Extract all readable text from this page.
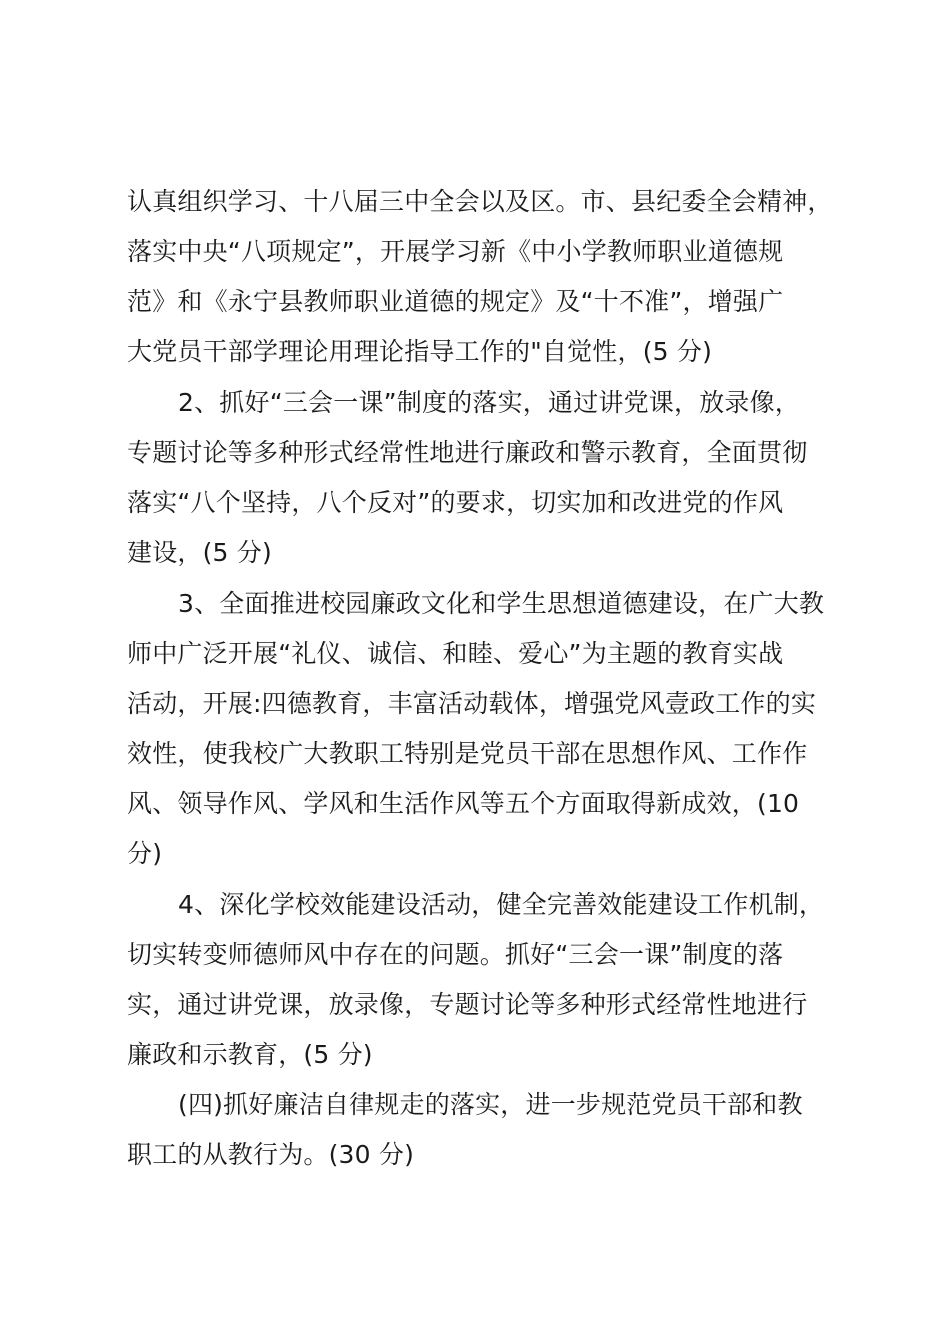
认真组织学习、十八届三中全会以及区。市、县纪委全会精神，
落实中央“八项规定”，开展学习新《中小学教师职业道德规
范》和《永宁县教师职业道德的规定》及“十不准”，增强广
大党员干部学理论用理论指导工作的"自觉性，(5 分)
2、抓好“三会一课”制度的落实，通过讲党课，放录像，
专题讨论等多种形式经常性地进行廉政和警示教育，全面贯彻
落实“八个坚持，八个反对”的要求，切实加和改进党的作风
建设，(5 分)
3、全面推进校园廉政文化和学生思想道德建设，在广大教
师中广泛开展“礼仪、诚信、和睦、爱心”为主题的教育实战
活动，开展:四德教育，丰富活动载体，增强党风壹政工作的实
效性，使我校广大教职工特别是党员干部在思想作风、工作作
风、领导作风、学风和生活作风等五个方面取得新成效，(10
分)
4、深化学校效能建设活动，健全完善效能建设工作机制，
切实转变师德师风中存在的问题。抓好“三会一课”制度的落
实，通过讲党课，放录像，专题讨论等多种形式经常性地进行
廉政和示教育，(5 分)
(四)抓好廉洁自律规走的落实，进一步规范党员干部和教
职工的从教行为。(30 分)
